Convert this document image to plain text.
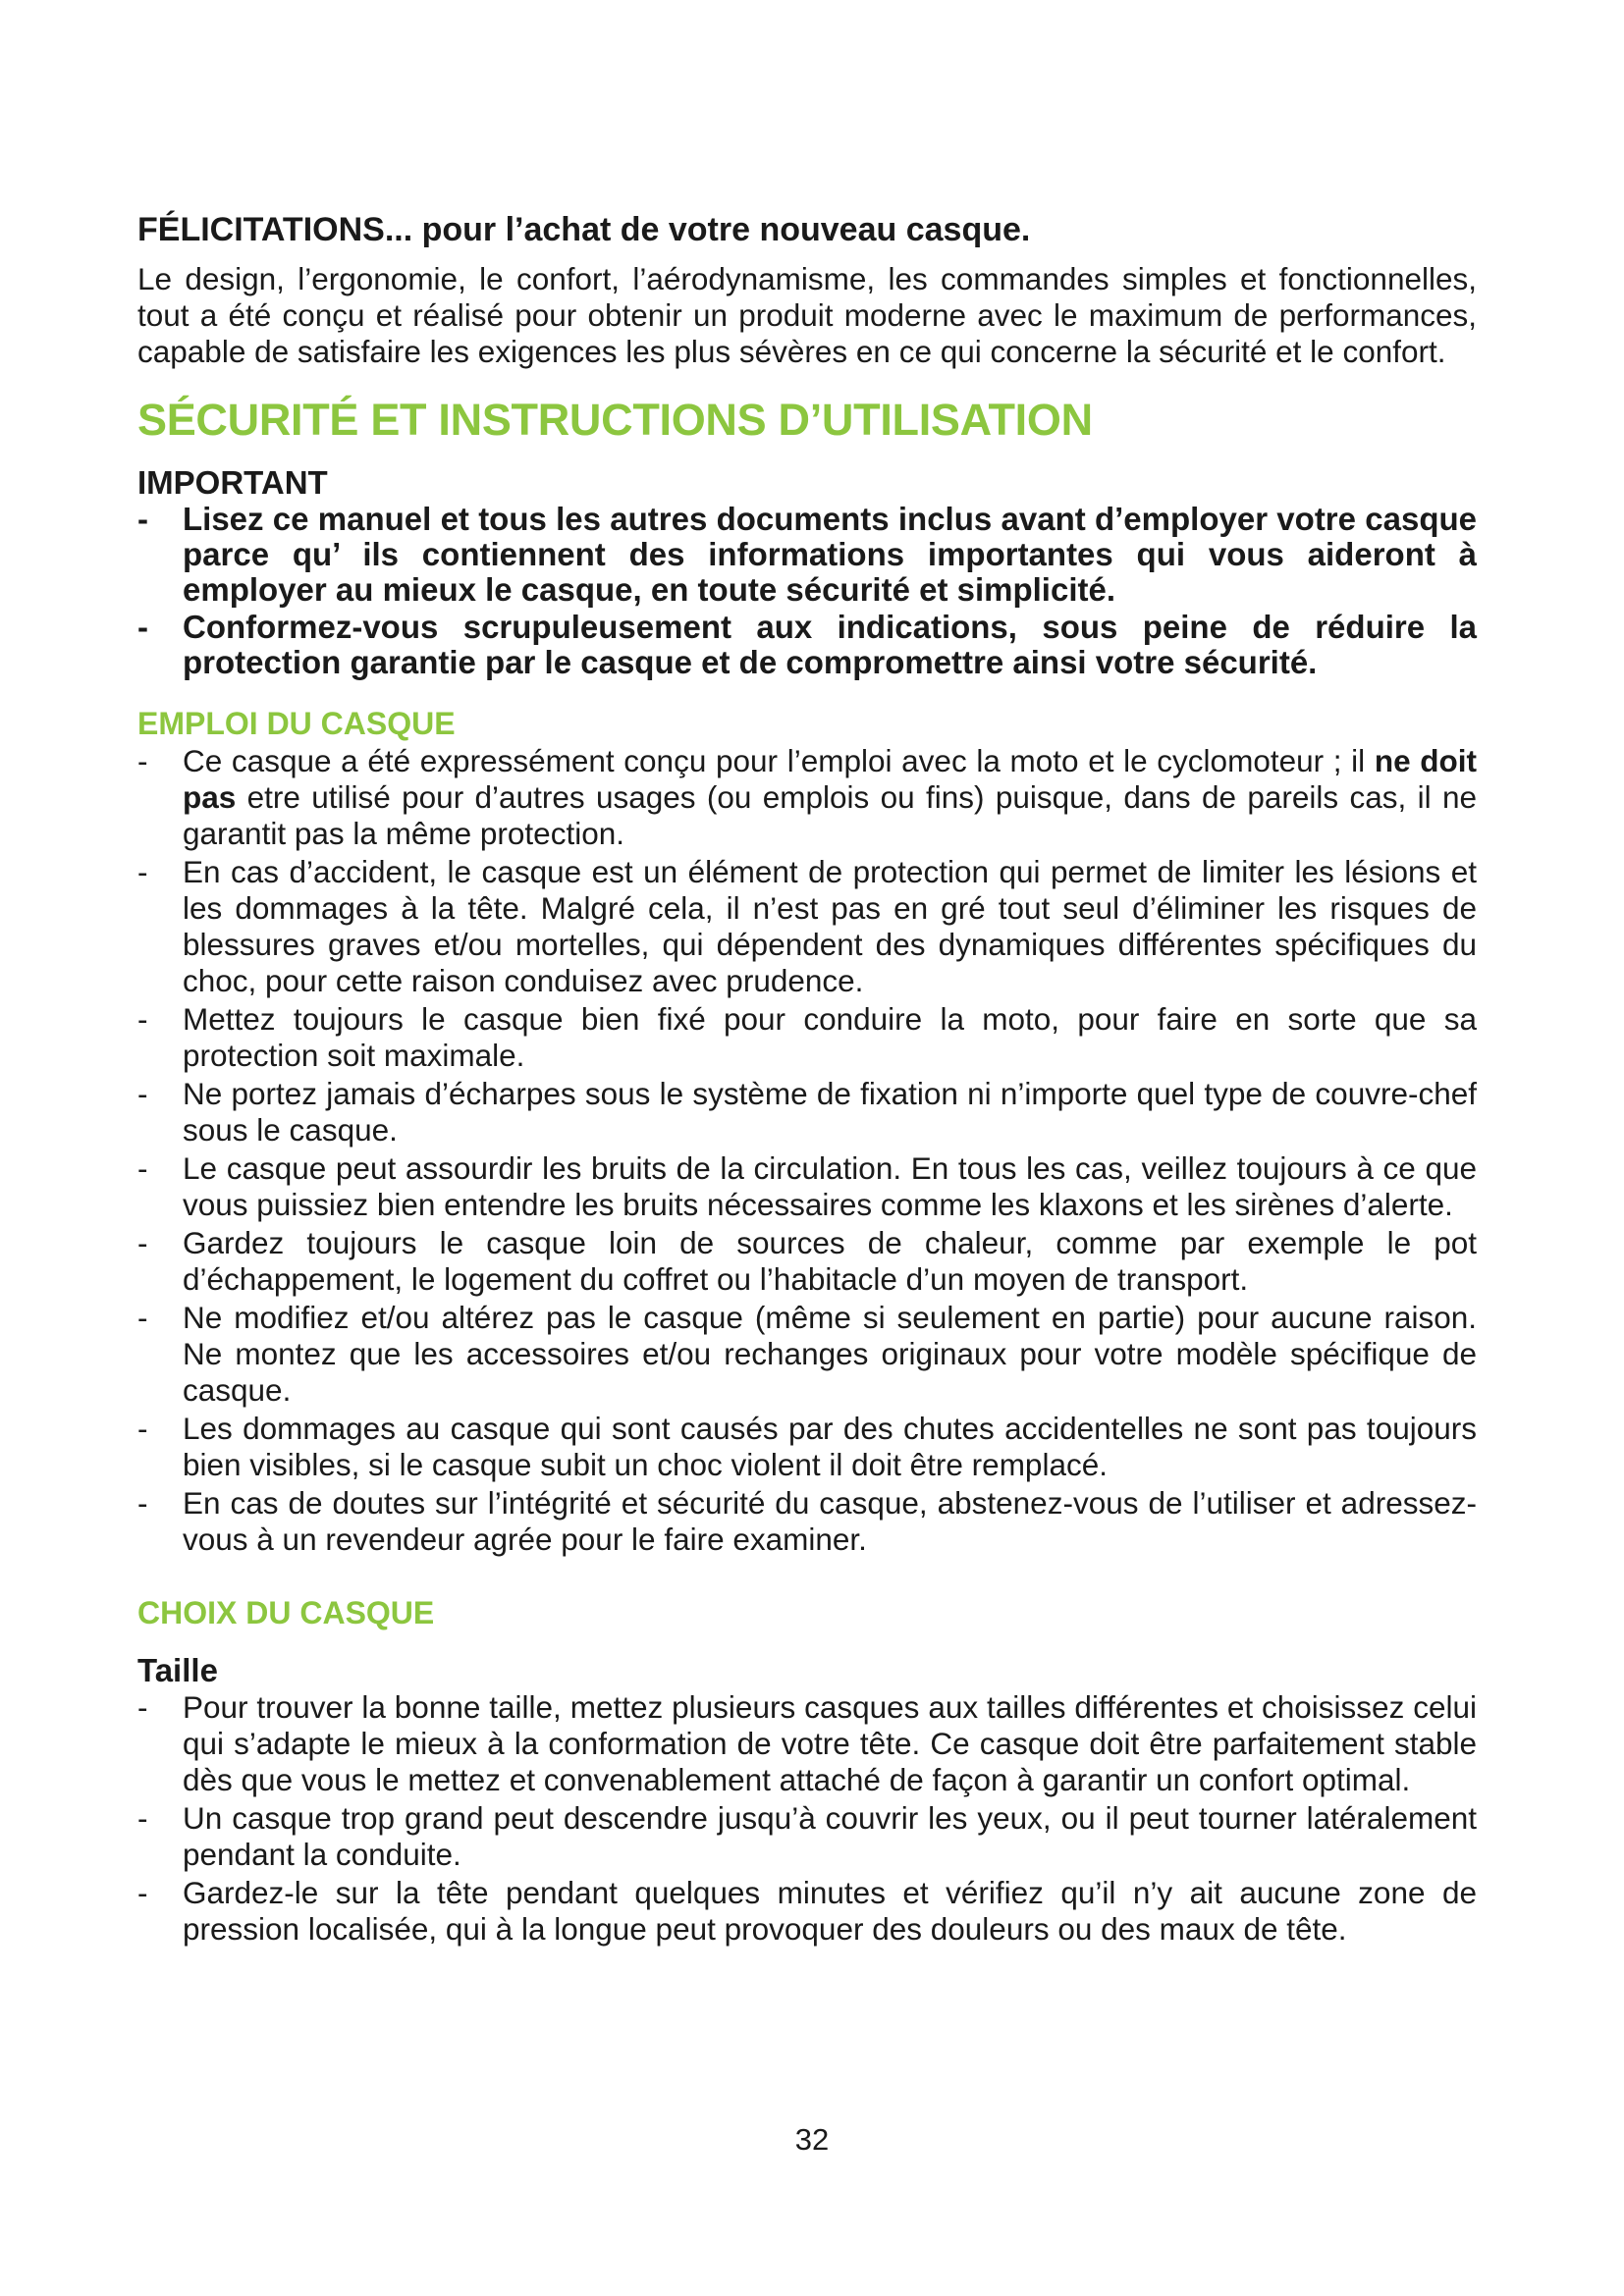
FÉLICITATIONS... pour l’achat de votre nouveau casque.

Le design, l’ergonomie, le confort, l’aérodynamisme, les commandes simples et fonctionnelles, tout a été conçu et réalisé pour obtenir un produit moderne avec le maximum de performances, capable de satisfaire les exigences les plus sévères en ce qui concerne la sécurité et le confort.

SÉCURITÉ ET INSTRUCTIONS D’UTILISATION
IMPORTANT
- Lisez ce manuel et tous les autres documents inclus avant d’employer votre casque parce qu’ ils contiennent des informations importantes qui vous aideront à employer au mieux le casque, en toute sécurité et simplicité.
- Conformez-vous scrupuleusement aux indications, sous peine de réduire la protection garantie par le casque et de compromettre ainsi votre sécurité.
EMPLOI DU CASQUE
- Ce casque a été expressément conçu pour l’emploi avec la moto et le cyclomoteur ; il ne doit pas etre utilisé pour d’autres usages (ou emplois ou fins) puisque, dans de pareils cas, il ne garantit pas la même protection.
- En cas d’accident, le casque est un élément de protection qui permet de limiter les lésions et les dommages à la tête. Malgré cela, il n’est pas en gré tout seul d’éliminer les risques de blessures graves et/ou mortelles, qui dépendent des dynamiques différentes spécifiques du choc, pour cette raison conduisez avec prudence.
- Mettez toujours le casque bien fixé pour conduire la moto, pour faire en sorte que sa protection soit maximale.
- Ne portez jamais d’écharpes sous le système de fixation ni n’importe quel type de couvre-chef sous le casque.
- Le casque peut assourdir les bruits de la circulation. En tous les cas, veillez toujours à ce que vous puissiez bien entendre les bruits nécessaires comme les klaxons et les sirènes d’alerte.
- Gardez toujours le casque loin de sources de chaleur, comme par exemple le pot d’échappement, le logement du coffret ou l’habitacle d’un moyen de transport.
- Ne modifiez et/ou altérez pas le casque (même si seulement en partie) pour aucune raison. Ne montez que les accessoires et/ou rechanges originaux pour votre modèle spécifique de casque.
- Les dommages au casque qui sont causés par des chutes accidentelles ne sont pas toujours bien visibles, si le casque subit un choc violent il doit être remplacé.
- En cas de doutes sur l’intégrité et sécurité du casque, abstenez-vous de l’utiliser et adressez-vous à un revendeur agrée pour le faire examiner.
CHOIX DU CASQUE
Taille
- Pour trouver la bonne taille, mettez plusieurs casques aux tailles différentes et choisissez celui qui s’adapte le mieux à la conformation de votre tête. Ce casque doit être parfaitement stable dès que vous le mettez et convenablement attaché de façon à garantir un confort optimal.
- Un casque trop grand peut descendre jusqu’à couvrir les yeux, ou il peut tourner latéralement pendant la conduite.
- Gardez-le sur la tête pendant quelques minutes et vérifiez qu’il n’y ait aucune zone de pression localisée, qui à la longue peut provoquer des douleurs ou des maux de tête.
32
